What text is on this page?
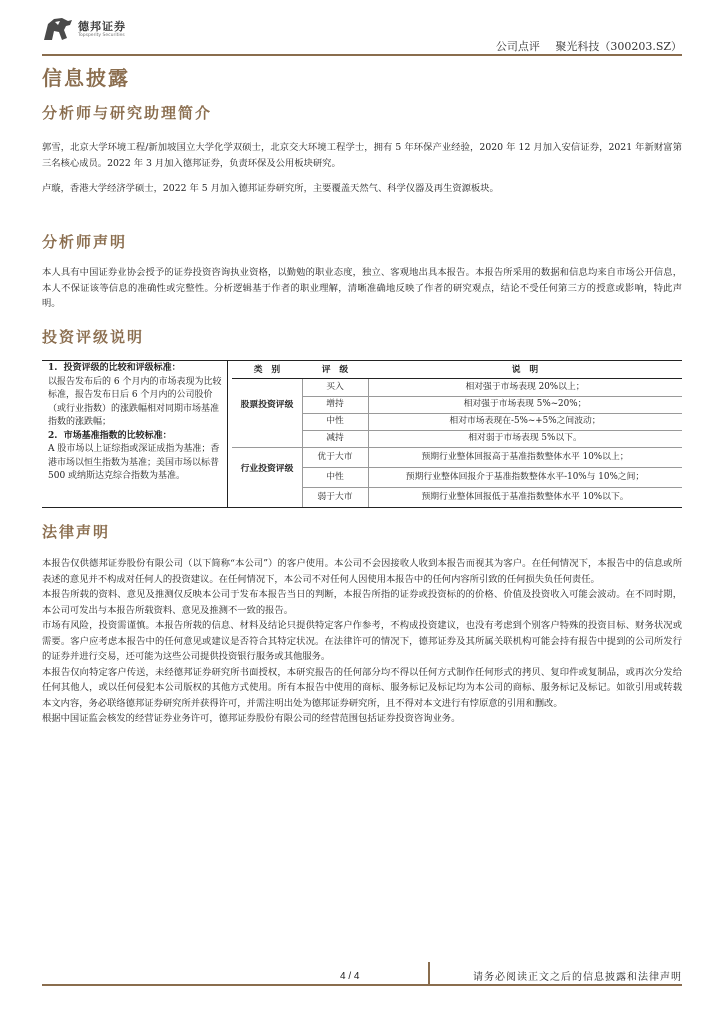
德邦证券
Topsperity Securities
公司点评 聚光科技（300203.SZ）
信息披露
分析师与研究助理简介

郭雪，北京大学环境工程/新加坡国立大学化学双硕士，北京交大环境工程学士，拥有 5 年环保产业经验，2020 年 12 月加入安信证券，2021 年新财富第三名核心成员。2022 年 3 月加入德邦证券，负责环保及公用板块研究。

卢璇，香港大学经济学硕士，2022 年 5 月加入德邦证券研究所，主要覆盖天然气、科学仪器及再生资源板块。

分析师声明

本人具有中国证券业协会授予的证券投资咨询执业资格，以勤勉的职业态度，独立、客观地出具本报告。本报告所采用的数据和信息均来自市场公开信息，本人不保证该等信息的准确性或完整性。分析逻辑基于作者的职业理解，清晰准确地反映了作者的研究观点，结论不受任何第三方的授意或影响，特此声明。

投资评级说明
1.  投资评级的比较和评级标准：
以报告发布后的 6 个月内的市场表现为比较标准，报告发布日后 6 个月内的公司股价（或行业指数）的涨跌幅相对同期市场基准指数的涨跌幅；
2.  市场基准指数的比较标准：
A 股市场以上证综指或深证成指为基准；香港市场以恒生指数为基准；美国市场以标普 500 或纳斯达克综合指数为基准。
类　别	评　级	说　明
股票投资评级
买入	相对强于市场表现 20%以上；
增持	相对强于市场表现 5%~20%；
中性	相对市场表现在-5%~+5%之间波动；
减持	相对弱于市场表现 5%以下。
行业投资评级
优于大市	预期行业整体回报高于基准指数整体水平 10%以上；
中性	预期行业整体回报介于基准指数整体水平-10%与 10%之间；
弱于大市	预期行业整体回报低于基准指数整体水平 10%以下。
法律声明

本报告仅供德邦证券股份有限公司（以下简称“本公司”）的客户使用。本公司不会因接收人收到本报告而视其为客户。在任何情况下，本报告中的信息或所表述的意见并不构成对任何人的投资建议。在任何情况下，本公司不对任何人因使用本报告中的任何内容所引致的任何损失负任何责任。

本报告所载的资料、意见及推测仅反映本公司于发布本报告当日的判断，本报告所指的证券或投资标的的价格、价值及投资收入可能会波动。在不同时期，本公司可发出与本报告所载资料、意见及推测不一致的报告。

市场有风险，投资需谨慎。本报告所载的信息、材料及结论只提供特定客户作参考，不构成投资建议，也没有考虑到个别客户特殊的投资目标、财务状况或需要。客户应考虑本报告中的任何意见或建议是否符合其特定状况。在法律许可的情况下，德邦证券及其所属关联机构可能会持有报告中提到的公司所发行的证券并进行交易，还可能为这些公司提供投资银行服务或其他服务。

本报告仅向特定客户传送，未经德邦证券研究所书面授权，本研究报告的任何部分均不得以任何方式制作任何形式的拷贝、复印件或复制品，或再次分发给任何其他人，或以任何侵犯本公司版权的其他方式使用。所有本报告中使用的商标、服务标记及标记均为本公司的商标、服务标记及标记。如欲引用或转载本文内容，务必联络德邦证券研究所并获得许可，并需注明出处为德邦证券研究所，且不得对本文进行有悖原意的引用和删改。

根据中国证监会核发的经营证券业务许可，德邦证券股份有限公司的经营范围包括证券投资咨询业务。

4 / 4	请务必阅读正文之后的信息披露和法律声明
